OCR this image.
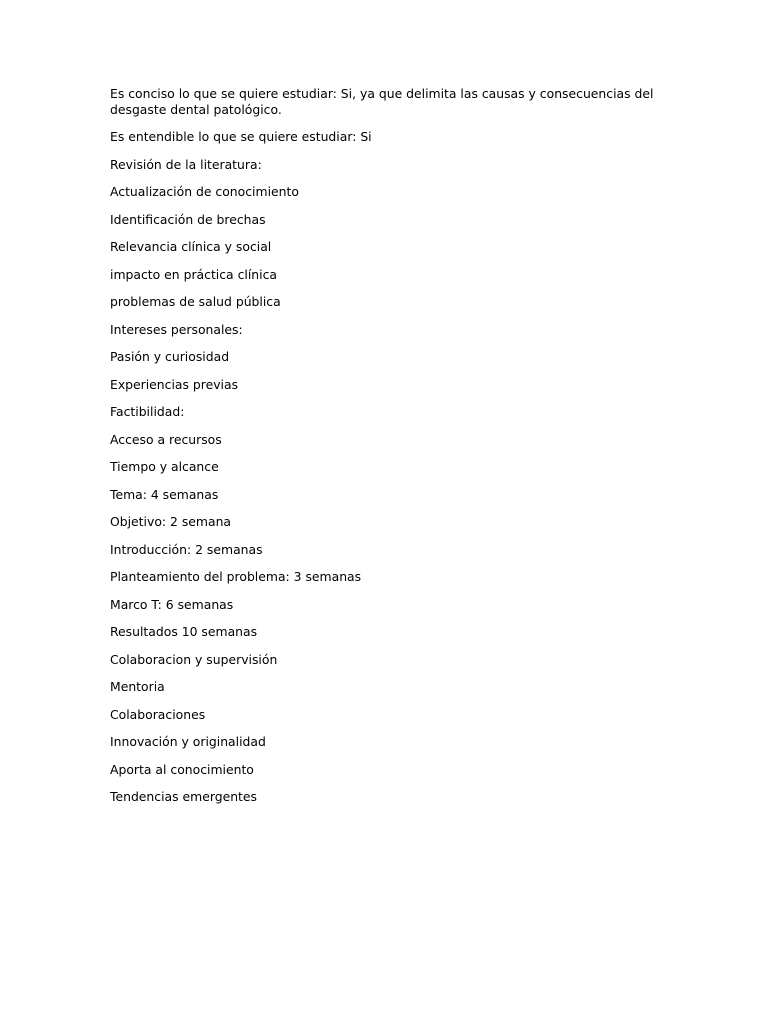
Es conciso lo que se quiere estudiar: Si, ya que delimita las causas y consecuencias del desgaste dental patológico.

Es entendible lo que se quiere estudiar: Si

Revisión de la literatura:

Actualización de conocimiento

Identificación de brechas

Relevancia clínica y social

impacto en práctica clínica

problemas de salud pública

Intereses personales:

Pasión y curiosidad

Experiencias previas

Factibilidad:

Acceso a recursos

Tiempo y alcance

Tema: 4 semanas

Objetivo: 2 semana

Introducción: 2 semanas

Planteamiento del problema: 3 semanas

Marco T: 6 semanas

Resultados 10 semanas

Colaboracion y supervisión

Mentoria

Colaboraciones

Innovación y originalidad

Aporta al conocimiento

Tendencias emergentes
